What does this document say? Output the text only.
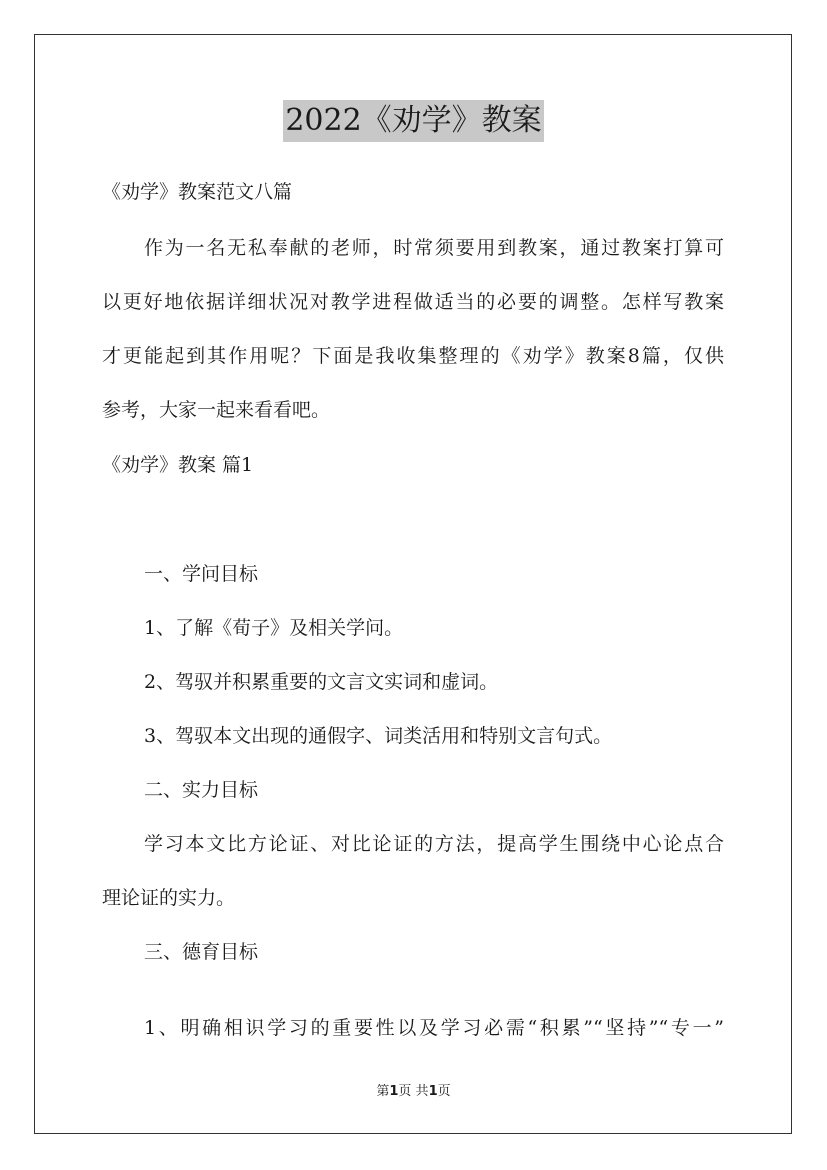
2022《劝学》教案
《劝学》教案范文八篇
作为一名无私奉献的老师，时常须要用到教案，通过教案打算可
以更好地依据详细状况对教学进程做适当的必要的调整。怎样写教案
才更能起到其作用呢？下面是我收集整理的《劝学》教案8篇，仅供
参考，大家一起来看看吧。
《劝学》教案 篇1
一、学问目标
1、了解《荀子》及相关学问。
2、驾驭并积累重要的文言文实词和虚词。
3、驾驭本文出现的通假字、词类活用和特别文言句式。
二、实力目标
学习本文比方论证、对比论证的方法，提高学生围绕中心论点合
理论证的实力。
三、德育目标
1、明确相识学习的重要性以及学习必需“积累”“坚持”“专一”
第1页 共1页
